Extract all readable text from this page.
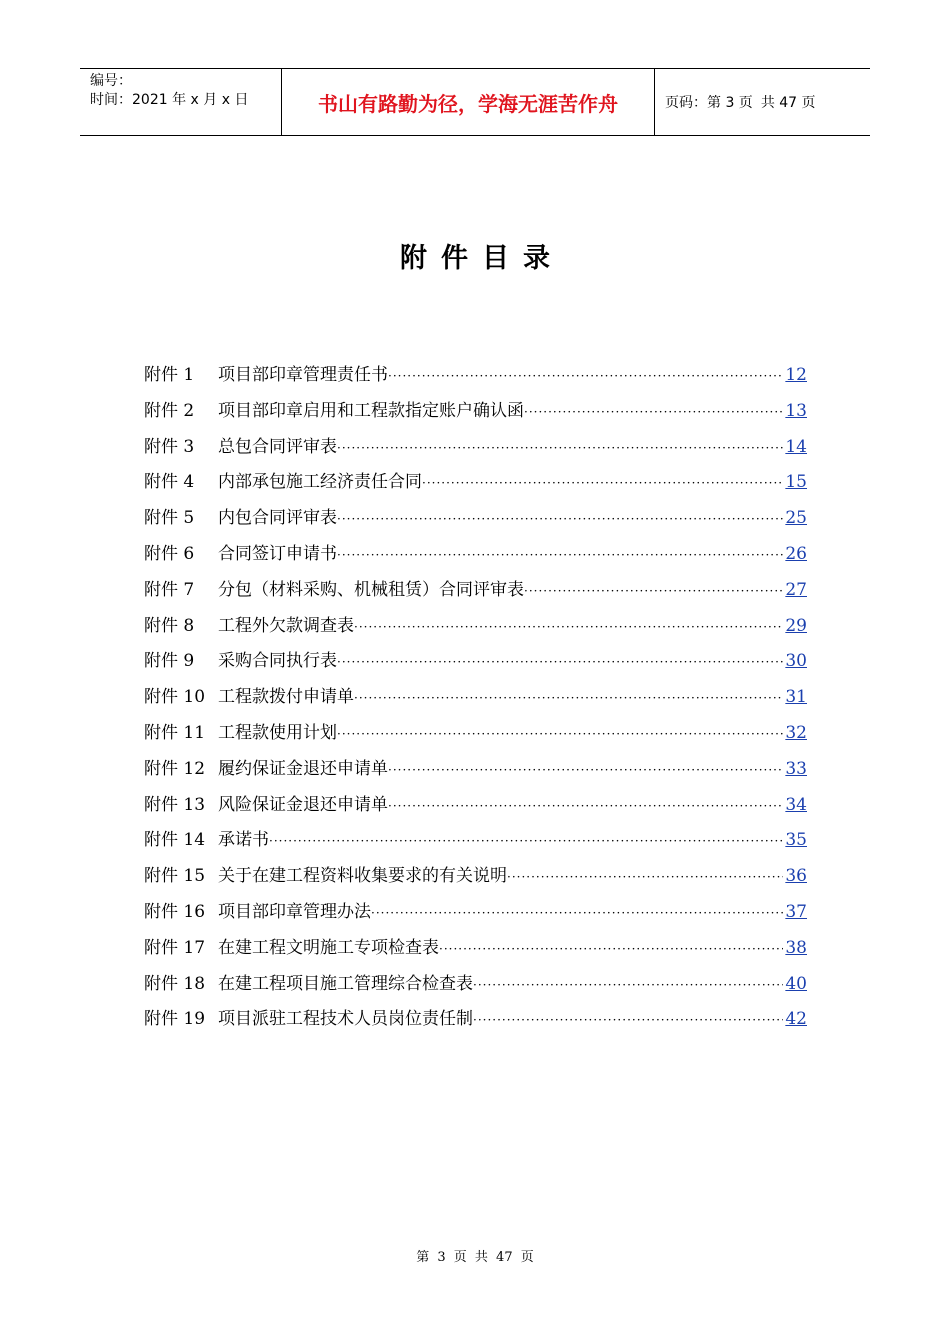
编号：
时间：2021 年 x 月 x 日	书山有路勤为径，学海无涯苦作舟	页码：第 3 页 共 47 页
附件目录
附件 1	项目部印章管理责任书 ·····	12
附件 2	项目部印章启用和工程款指定账户确认函 ·····	13
附件 3	总包合同评审表 ·····	14
附件 4	内部承包施工经济责任合同 ·····	15
附件 5	内包合同评审表 ·····	25
附件 6	合同签订申请书 ·····	26
附件 7	分包（材料采购、机械租赁）合同评审表 ·····	27
附件 8	工程外欠款调查表 ·····	29
附件 9	采购合同执行表 ·····	30
附件 10 工程款拨付申请单 ·····	31
附件 11 工程款使用计划 ·····	32
附件 12 履约保证金退还申请单 ·····	33
附件 13 风险保证金退还申请单 ·····	34
附件 14 承诺书 ·····	35
附件 15 关于在建工程资料收集要求的有关说明 ·····	36
附件 16 项目部印章管理办法 ·····	37
附件 17 在建工程文明施工专项检查表 ·····	38
附件 18 在建工程项目施工管理综合检查表 ·····	40
附件 19 项目派驻工程技术人员岗位责任制 ·····	42
第 3 页 共 47 页
